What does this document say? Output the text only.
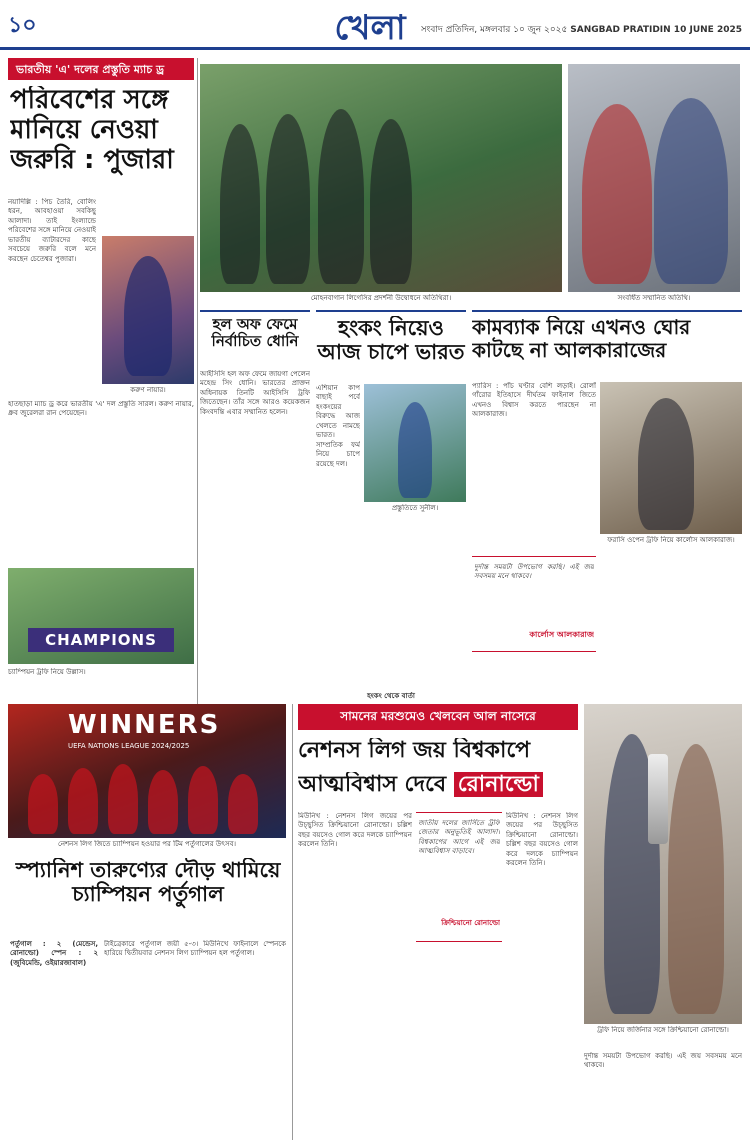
১০	খেলা	সংবাদ প্রতিদিন, মঙ্গলবার ১০ জুন ২০২৫ SANGBAD PRATIDIN 10 JUNE 2025
ভারতীয় 'এ' দলের প্রস্তুতি ম্যাচ ড্র
পরিবেশের সঙ্গে মানিয়ে নেওয়া জরুরি : পুজারা
নয়াদিল্লি : পিচ তৈরি, বোলিং ধরন, আবহাওয়া সবকিছু আলাদা। তাই ইংল্যান্ডে পরিবেশের সঙ্গে মানিয়ে নেওয়াই ভারতীয় ব্যাটারদের কাছে সবচেয়ে জরুরি বলে মনে করছেন চেতেশ্বর পুজারা।
করুণ নায়ার।
হাতছাড়া ম্যাচ ড্র করে ভারতীয় 'এ' দল প্রস্তুতি সারল। করুণ নায়ার, ধ্রুব জুরেলরা রান পেয়েছেন।
CHAMPIONS
চ্যাম্পিয়ন ট্রফি নিয়ে উল্লাস।
মোহনবাগান লিগেসির প্রদর্শনী উদ্বোধনে অতিথিরা।	সংবর্ধিত সম্মানিত অতিথি।
হল অফ ফেমে নির্বাচিত ধোনি
আইসিসি হল অফ ফেমে জায়গা পেলেন মহেন্দ্র সিং ধোনি। ভারতের প্রাক্তন অধিনায়ক তিনটি আইসিসি ট্রফি জিতেছেন। তাঁর সঙ্গে আরও কয়েকজন কিংবদন্তি এবার সম্মানিত হলেন।
হংকং নিয়েও আজ চাপে ভারত
এশিয়ান কাপ বাছাই পর্বে হংকংয়ের বিরুদ্ধে আজ খেলতে নামছে ভারত। সাম্প্রতিক ফর্ম নিয়ে চাপে রয়েছে দল।
প্রস্তুতিতে সুনীল।
হংকং থেকে বার্তা
কামব্যাক নিয়ে এখনও ঘোর কাটছে না আলকারাজের
প্যারিস : পাঁচ ঘণ্টার বেশি লড়াই। রোলাঁ গাঁরোর ইতিহাসে দীর্ঘতম ফাইনাল জিতে এখনও বিশ্বাস করতে পারছেন না আলকারাজ।
ফরাসি ওপেন ট্রফি নিয়ে কার্লোস আলকারাজ।
দুর্দান্ত সময়টা উপভোগ করছি। এই জয় সবসময় মনে থাকবে।
কার্লোস আলকারাজ
WINNERS
UEFA NATIONS LEAGUE 2024/2025
নেশনস লিগ জিতে চ্যাম্পিয়ন হওয়ার পর টিম পর্তুগালের উৎসব।
স্প্যানিশ তারুণ্যের দৌড় থামিয়ে চ্যাম্পিয়ন পর্তুগাল
পর্তুগাল : ২ (মেন্ডেস, রোনাল্ডো) স্পেন : ২ (জুবিমেন্ডি, ওইয়ারজাবাল)
টাইব্রেকারে পর্তুগাল জয়ী ৫-৩। মিউনিখে ফাইনালে স্পেনকে হারিয়ে দ্বিতীয়বার নেশনস লিগ চ্যাম্পিয়ন হল পর্তুগাল।
সামনের মরশুমেও খেলবেন আল নাসেরে
নেশনস লিগ জয় বিশ্বকাপে
আত্মবিশ্বাস দেবে রোনাল্ডো
মিউনিখ : নেশনস লিগ জয়ের পর উচ্ছ্বসিত ক্রিশ্চিয়ানো রোনাল্ডো। চল্লিশ বছর বয়সেও গোল করে দলকে চ্যাম্পিয়ন করলেন তিনি।
জাতীয় দলের জার্সিতে ট্রফি জেতার অনুভূতিই আলাদা। বিশ্বকাপের আগে এই জয় আত্মবিশ্বাস বাড়াবে।
ক্রিশ্চিয়ানো রোনাল্ডো
মিউনিখ : নেশনস লিগ জয়ের পর উচ্ছ্বসিত ক্রিশ্চিয়ানো রোনাল্ডো। চল্লিশ বছর বয়সেও গোল করে দলকে চ্যাম্পিয়ন করলেন তিনি।
ট্রফি নিয়ে জর্জিনার সঙ্গে ক্রিশ্চিয়ানো রোনাল্ডো।
দুর্দান্ত সময়টা উপভোগ করছি। এই জয় সবসময় মনে থাকবে।
